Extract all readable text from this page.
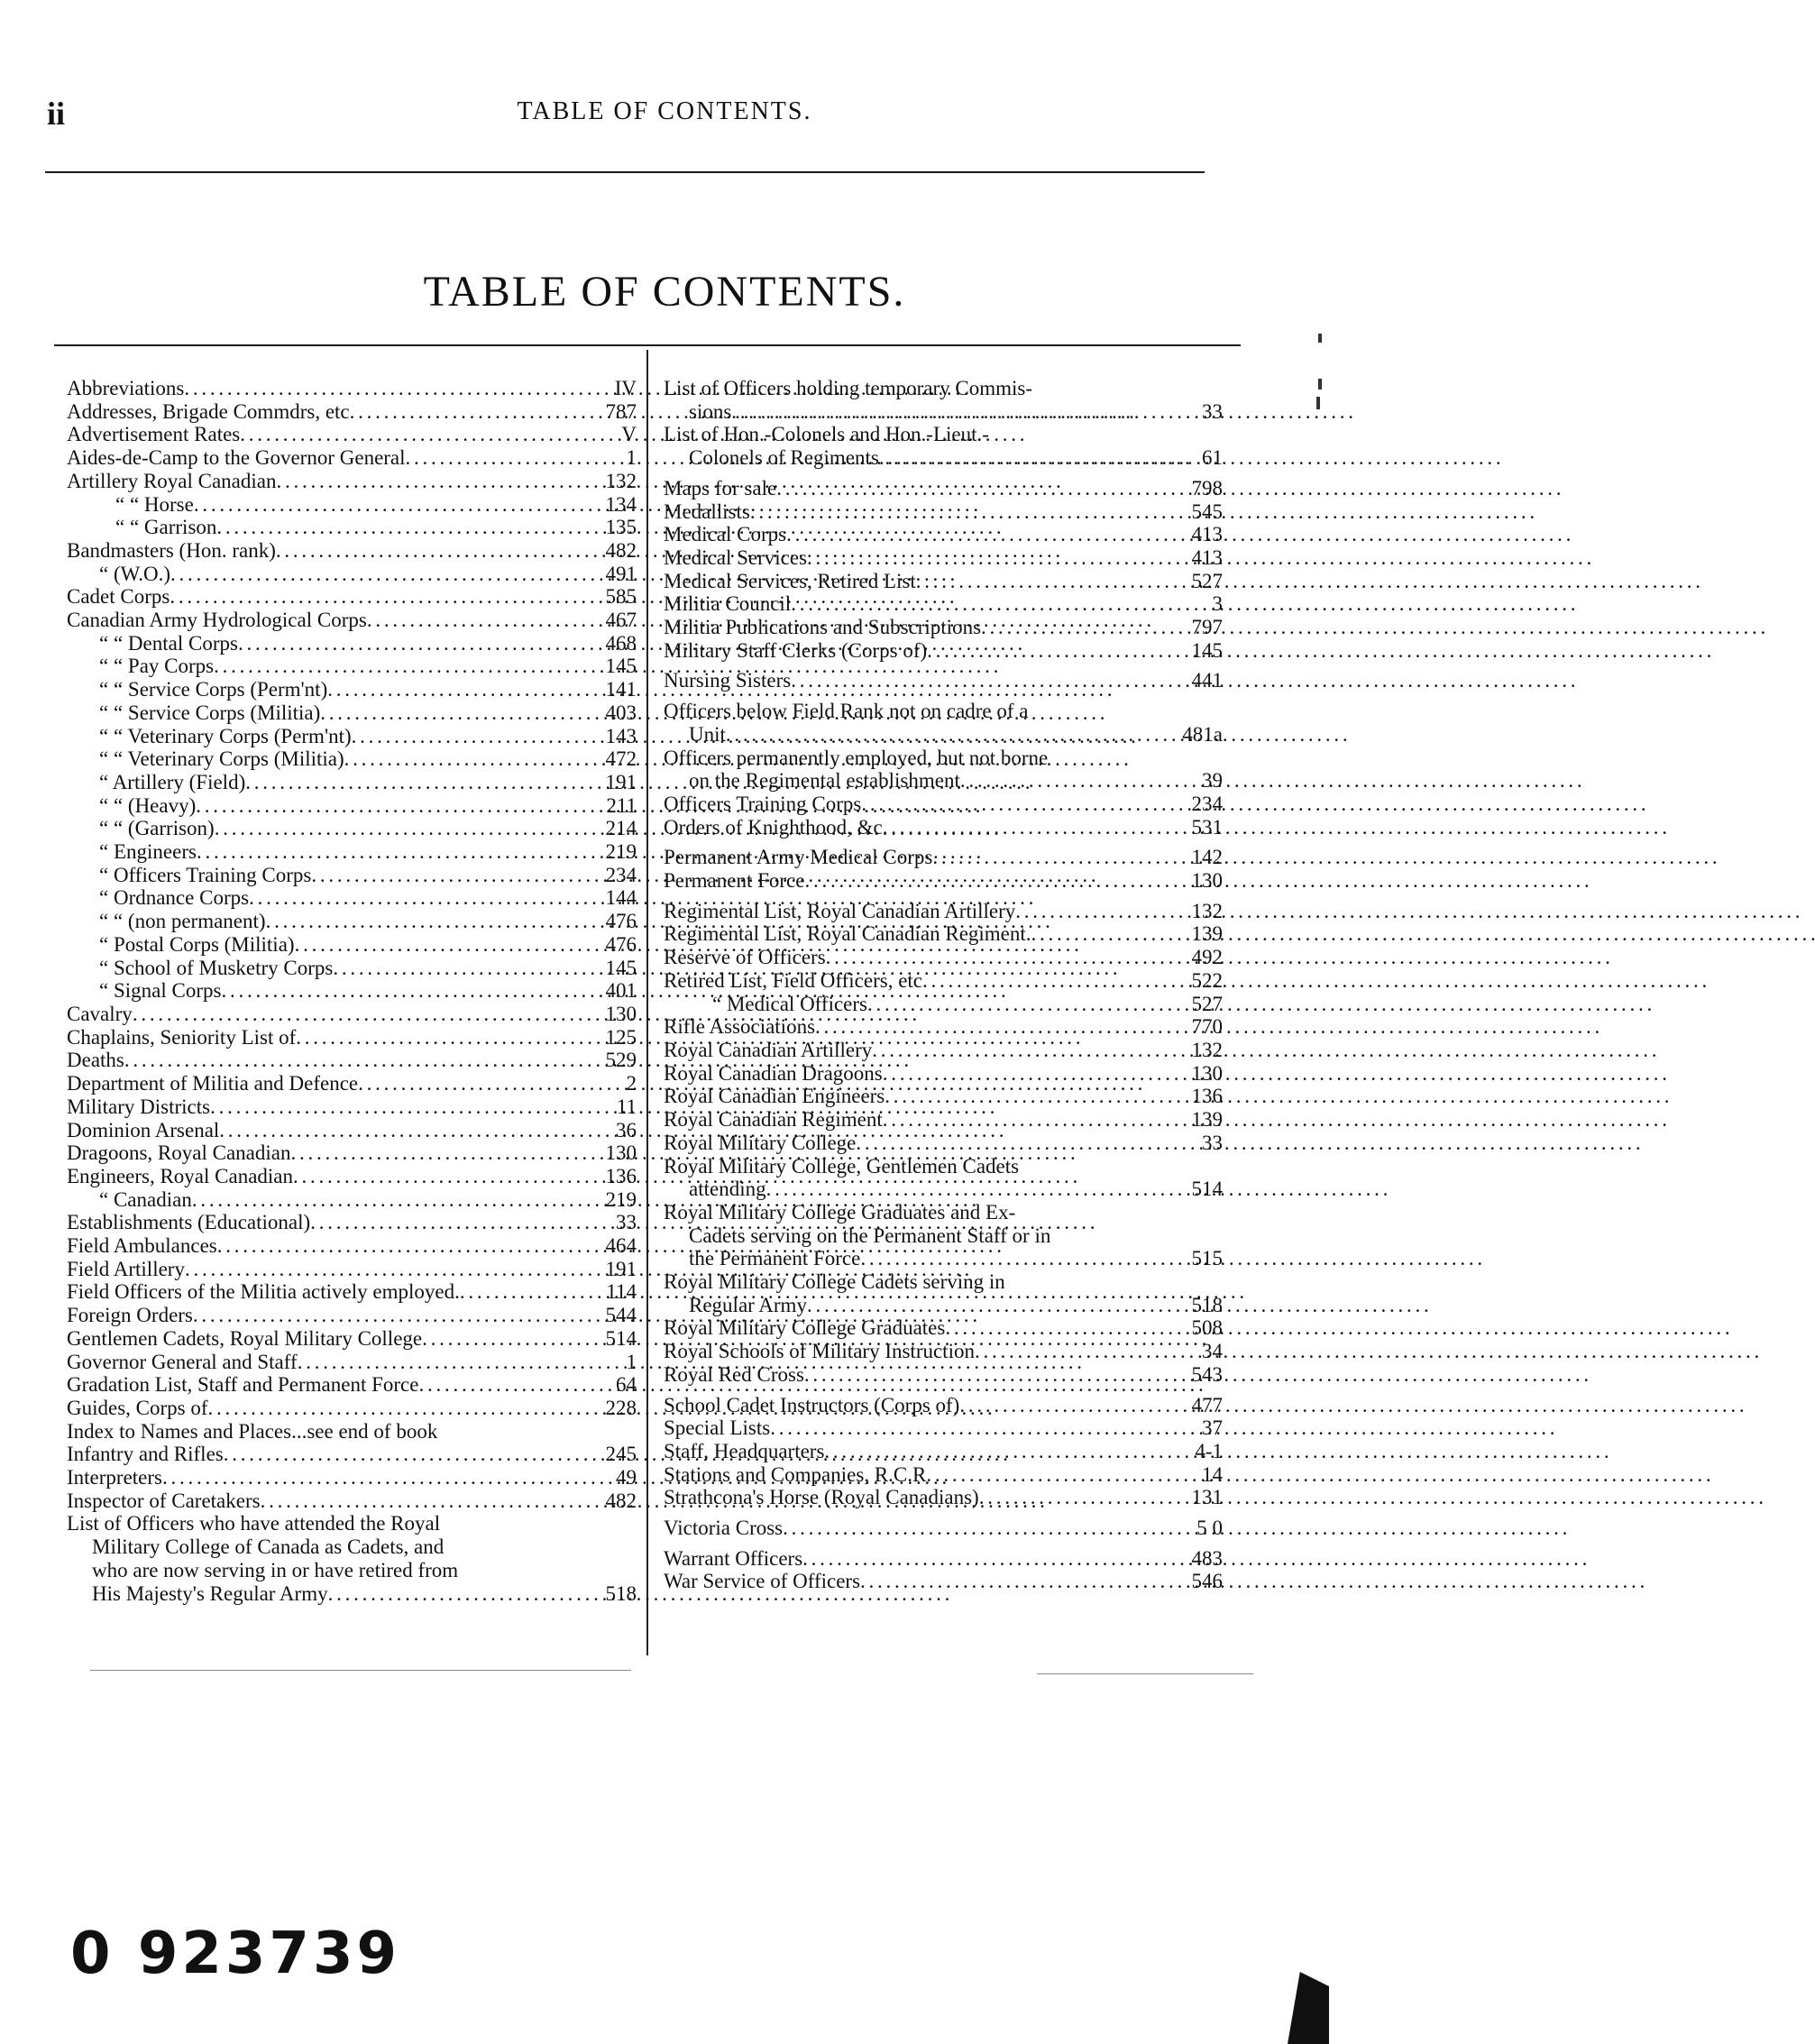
ii	TABLE OF CONTENTS.
TABLE OF CONTENTS.
Abbreviations . . .	IV
Addresses, Brigade Commdrs, etc . . .	787
Advertisement Rates . . .	V
Aides-de-Camp to the Governor General . . .	1
Artillery Royal Canadian . . .	132
“ “ Horse . . .	134
“ “ Garrison . . .	135
Bandmasters (Hon. rank) . . .	482
“ (W.O.) . . .	491
Cadet Corps . . .	585
Canadian Army Hydrological Corps . . .	467
“ “ Dental Corps . . .	468
“ “ Pay Corps . . .	145
“ “ Service Corps (Perm'nt) . . .	141
“ “ Service Corps (Militia) . . .	403
“ “ Veterinary Corps (Perm'nt) . . .	143
“ “ Veterinary Corps (Militia) . . .	472
“ Artillery (Field) . . .	191
“ “ (Heavy) . . .	211
“ “ (Garrison) . . .	214
“ Engineers . . .	219
“ Officers Training Corps . . .	234
“ Ordnance Corps . . .	144
“ “ (non permanent) . . .	476
“ Postal Corps (Militia) . . .	476
“ School of Musketry Corps . . .	145
“ Signal Corps . . .	401
Cavalry . . .	130
Chaplains, Seniority List of . . .	125
Deaths . . .	529
Department of Militia and Defence . . .	2
Military Districts . . .	11
Dominion Arsenal . . .	36
Dragoons, Royal Canadian . . .	130
Engineers, Royal Canadian . . .	136
“ Canadian . . .	219
Establishments (Educational) . . .	33
Field Ambulances . . .	464
Field Artillery . . .	191
Field Officers of the Militia actively employed. . . .	114
Foreign Orders . . .	544
Gentlemen Cadets, Royal Military College . . .	514
Governor General and Staff . . .	1
Gradation List, Staff and Permanent Force . . .	64
Guides, Corps of . . .	228
Index to Names and Places...see end of book
Infantry and Rifles . . .	245
Interpreters . . .	49
Inspector of Caretakers . . .	482
List of Officers who have attended the Royal
Military College of Canada as Cadets, and
who are now serving in or have retired from
His Majesty's Regular Army . . .	518
List of Officers holding temporary Commis-
sions . . .	33
List of Hon.-Colonels and Hon.-Lieut.-
Colonels of Regiments . . .	61
Maps for sale . . .	798
Medallists . . .	545
Medical Corps . . .	413
Medical Services . . .	413
Medical Services, Retired List . . .	527
Militia Council . . .	3
Militia Publications and Subscriptions . . .	797
Military Staff Clerks (Corps of) . . .	145
Nursing Sisters . . .	441
Officers below Field Rank not on cadre of a
Unit . . .	481a
Officers permanently employed, but not borne
on the Regimental establishment . . .	39
Officers Training Corps . . .	234
Orders of Knighthood, &c . . .	531
Permanent Army Medical Corps . . .	142
Permanent Force . . .	130
Regimental List, Royal Canadian Artillery . . .	132
Regimental List, Royal Canadian Regiment. . . .	139
Reserve of Officers . . .	492
Retired List, Field Officers, etc . . .	522
“ Medical Officers . . .	527
Rifle Associations . . .	770
Royal Canadian Artillery . . .	132
Royal Canadian Dragoons . . .	130
Royal Canadian Engineers . . .	136
Royal Canadian Regiment . . .	139
Royal Military College . . .	33
Royal Military College, Gentlemen Cadets
attending . . .	514
Royal Military College Graduates and Ex-
Cadets serving on the Permanent Staff or in
the Permanent Force . . .	515
Royal Military College Cadets serving in
Regular Army . . .	518
Royal Military College Graduates . . .	508
Royal Schools of Military Instruction . . .	34
Royal Red Cross . . .	543
School Cadet Instructors (Corps of) . . .	477
Special Lists . . .	37
Staff, Headquarters . . .	4-1
Stations and Companies, R.C.R . . .	14
Strathcona's Horse (Royal Canadians) . . .	131
Victoria Cross . . .	5 0
Warrant Officers . . .	483
War Service of Officers . . .	546
0 923739
